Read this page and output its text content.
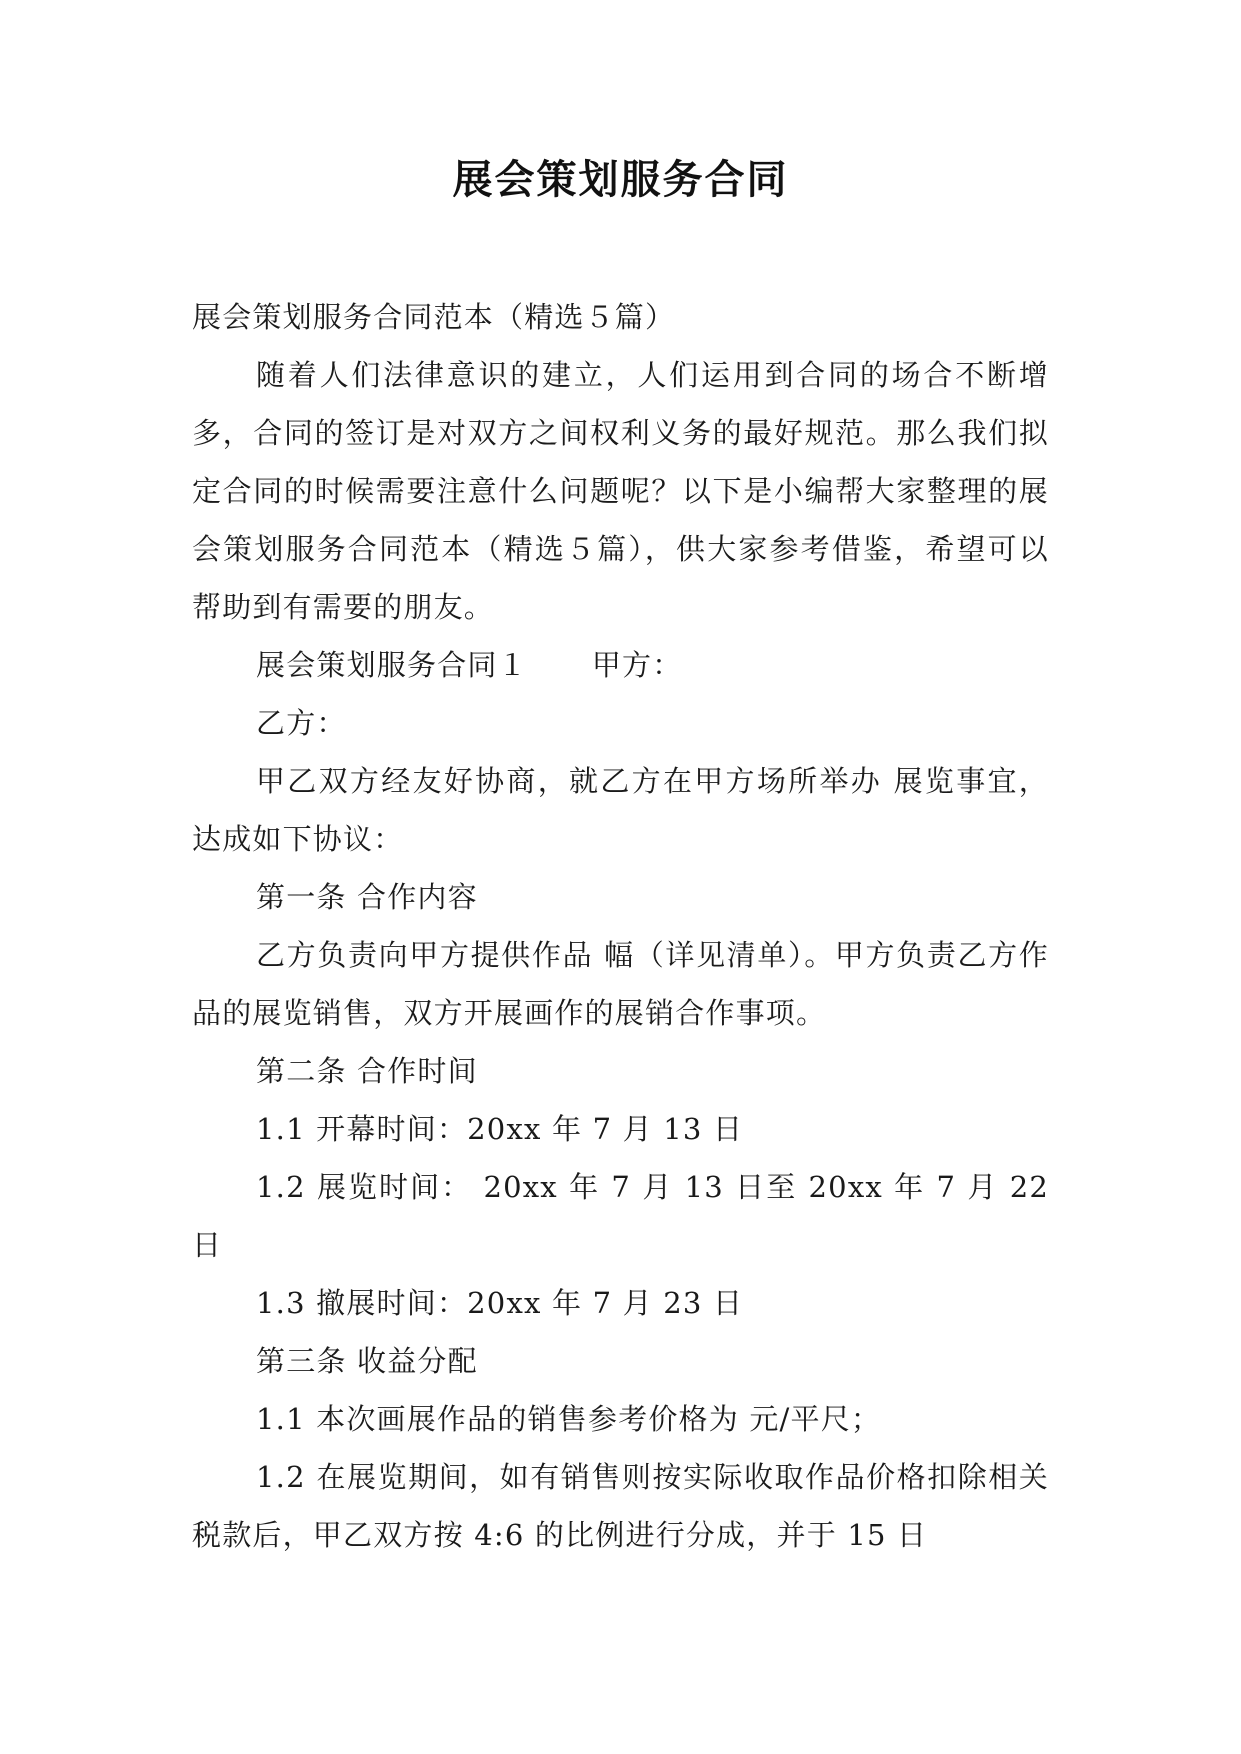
展会策划服务合同

展会策划服务合同范本（精选５篇）

随着人们法律意识的建立，人们运用到合同的场合不断增多，合同的签订是对双方之间权利义务的最好规范。那么我们拟定合同的时候需要注意什么问题呢？以下是小编帮大家整理的展会策划服务合同范本（精选５篇），供大家参考借鉴，希望可以帮助到有需要的朋友。

展会策划服务合同１ 甲方：

乙方：

甲乙双方经友好协商，就乙方在甲方场所举办 展览事宜，达成如下协议：

第一条 合作内容

乙方负责向甲方提供作品 幅（详见清单）。甲方负责乙方作品的展览销售，双方开展画作的展销合作事项。

第二条 合作时间

1.1 开幕时间：20xx 年 7 月 13 日

1.2 展览时间： 20xx 年 7 月 13 日至 20xx 年 7 月 22 日

1.3 撤展时间：20xx 年 7 月 23 日

第三条 收益分配

1.1 本次画展作品的销售参考价格为 元/平尺；

1.2 在展览期间，如有销售则按实际收取作品价格扣除相关税款后，甲乙双方按 4:6 的比例进行分成，并于 15 日
